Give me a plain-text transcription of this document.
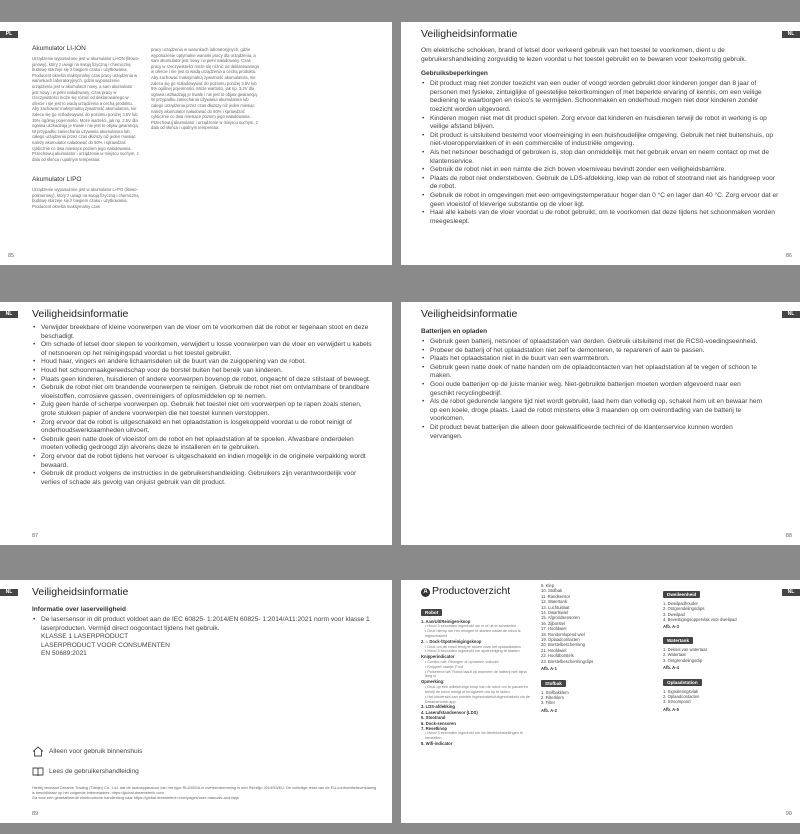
PL
Akumulator LI-ION
Urządzenie wyposażone jest w akumulator Li-ION (litowo-jonowy), który z uwagi na swoją fizyczną i chemiczną budowę starzeje się z biegiem czasu i użytkowania. Producent określa maksymalny czas pracy urządzenia w warunkach laboratoryjnych, gdzie wyposażenie urządzenia jest w akumulator nowy, a sam akumulator jest nowy i w pełni naładowany. Czas pracy w rzeczywistości może się różnić od deklarowanego w ofercie i nie jest to wadą urządzenia a cechą produktu. Aby zachować maksymalną żywotność akumulatora, nie zaleca się go rozładowywać do poziomu poniżej 3,5V lub 15% ogólnej pojemności. Może wartości, jak np. 2,5V dla ogniwa uszkadzają je trwale i nie jest to objaw gwarancją. W przypadku zaniechania używania akumulatora lub całego urządzenia przez czas dłuższy niż jeden miesiąc należy akumulator naładować do 50% i sprawdzać cyklicznie co dwa miesiące poziom jego naładowania. Przechowuj akumulator i urządzenie w miejscu suchym, z dala od słońca i upalnym temperatur.
Akumulator LIPO
Urządzenie wyposażone jest w akumulator Li-PO (litowo-polimerowy), który z uwagi na swoją fizyczną i chemiczną budowę starzeje się z biegiem czasu i użytkowania. Producent określa maksymalny czas
pracy urządzenia w warunkach laboratoryjnych, gdzie wyposażenie optymalne warunki pracy dla urządzenia, a sam akumulator jest nowy i w pełni naładowany. Czas pracy w rzeczywistości może się różnić od deklarowanego w ofercie i nie jest to wadą urządzenia a cechą produktu. Aby zachować maksymalną żywotność akumulatora, nie zaleca się go rozładowywać do poziomu poniżej 3,5V lub 5% ogólnej pojemności. Może wartości, jak np. 3,2V dla ogniwa uszkadzają je trwale i nie jest to objaw gwarancją. W przypadku zaniechania używania akumulatora lub całego urządzenia przez czas dłuższy niż jeden miesiąc należy akumulator naładować do 50% i sprawdzać cyklicznie co dwa miesiące poziom jego naładowania. Przechowuj akumulator i urządzenie w miejscu suchym, z dala od słońca i upalnym temperatur.
85
NL
Veiligheidsinformatie
Om elektrische schokken, brand of letsel door verkeerd gebruik van het toestel te voorkomen, dient u de gebruikershandleiding zorgvuldig te lezen voordat u het toestel gebruikt en te bewaren voor toekomstig gebruik.
Gebruiksbeperkingen
• Dit product mag niet zonder toezicht van een ouder of voogd worden gebruikt door kinderen jonger dan 8 jaar of personen met fysieke, zintuiglijke of geestelijke tekortkomingen of met beperkte ervaring of kennis, om een veilige bediening te waarborgen en risico's te vermijden. Schoonmaken en onderhoud mogen niet door kinderen zonder toezicht worden uitgevoerd.
• Kinderen mogen niet met dit product spelen. Zorg ervoor dat kinderen en huisdieren terwijl de robot in werking is op veilige afstand blijven.
• Dit product is uitsluitend bestemd voor vloerreiniging in een huishoudelijke omgeving. Gebruik het niet buitenshuis, op niet-vloeroppervlakken of in een commerciële of industriële omgeving.
• Als het netsnoer beschadigd of gebroken is, stop dan onmiddellijk met het gebruik ervan en neem contact op met de klantenservice.
• Gebruik de robot niet in een ruimte die zich boven vloerniveau bevindt zonder een veiligheidsbarrière.
• Plaats de robot niet ondersteboven. Gebruik de LDS-afdekking, klep van de robot of stootrand niet als handgreep voor de robot.
• Gebruik de robot in omgevingen met een omgevingstemperatuur hoger dan 0 °C en lager dan 40 °C. Zorg ervoor dat er geen vloeistof of kleverige substantie op de vloer ligt.
• Haal alle kabels van de vloer voordat u de robot gebruikt, om te voorkomen dat deze tijdens het schoonmaken worden meegesleept.
86
NL	Veiligheidsinformatie
• Verwijder breekbare of kleine voorwerpen van de vloer om te voorkomen dat de robot er tegenaan stoot en deze beschadigt.
• Om schade of letsel door slepen te voorkomen, verwijdert u losse voorwerpen van de vloer en verwijdert u kabels of netsnoeren op het reinigingspad voordat u het toestel gebruikt.
• Houd haar, vingers en andere lichaamsdelen uit de buurt van de zuigopening van de robot.
• Houd het schoonmaakgereedschap voor de borstel buiten het bereik van kinderen.
• Plaats geen kinderen, huisdieren of andere voorwerpen bovenop de robot, ongeacht of deze stilstaat of beweegt.
• Gebruik de robot niet om brandende voorwerpen te reinigen. Gebruik de robot niet om ontvlambare of brandbare vloeistoffen, corrosieve gassen, ovenreinigers of oplosmiddelen op te nemen.
• Zuig geen harde of scherpe voorwerpen op. Gebruik het toestel niet om voorwerpen op te rapen zoals stenen, grote stukken papier of andere voorwerpen die het toestel kunnen verstoppen.
• Zorg ervoor dat de robot is uitgeschakeld en het oplaadstation is losgekoppeld voordat u de robot reinigt of onderhoudswerkzaamheden uitvoert.
• Gebruik geen natte doek of vloeistof om de robot en het oplaadstation af te spoelen. Afwasbare onderdelen moeten volledig gedroogd zijn alvorens deze te installeren en te gebruiken.
• Zorg ervoor dat de robot tijdens het vervoer is uitgeschakeld en indien mogelijk in de originele verpakking wordt bewaard.
• Gebruik dit product volgens de instructies in de gebruikershandleiding. Gebruikers zijn verantwoordelijk voor verlies of schade als gevolg van onjuist gebruik van dit product.
87
NL
Veiligheidsinformatie
Batterijen en opladen
• Gebruik geen batterij, netsnoer of oplaadstation van derden. Gebruik uitsluitend met de RCS0-voedingseenheid.
• Probeer de batterij of het oplaadstation niet zelf te demonteren, te repareren of aan te passen.
• Plaats het oplaadstation niet in de buurt van een warmtebron.
• Gebruik geen natte doek of natte handen om de oplaadcontacten van het oplaadstation af te vegen of schoon te maken.
• Gooi oude batterijen op de juiste manier weg. Niet-gebruikte batterijen moeten worden afgevoerd naar een geschikt recyclingbedrijf.
• Als de robot gedurende langere tijd niet wordt gebruikt, laad hem dan volledig op, schakel hem uit en bewaar hem op een koele, droge plaats. Laad de robot minstens elke 3 maanden op om overontlading van de batterij te voorkomen.
• Dit product bevat batterijen die alleen door gekwalificeerde technici of de klantenservice kunnen worden vervangen.
88
NL	Veiligheidsinformatie
Informatie over laserveiligheid
• De lasersensor in dit product voldoet aan de IEC 60825- 1:2014/EN 60825- 1:2014/A11:2021 norm voor klasse 1 laserproducten. Vermijd direct oogcontact tijdens het gebruik.
KLASSE 1 LASERPRODUCT
LASERPRODUCT VOOR CONSUMENTEN
EN 50689:2021
Alleen voor gebruik binnenshuis
Lees de gebruikershandleiding
Hierbij verklaart Dreame Trading (Tianjin) Co., Ltd. dat de radioapparatuur van het type RLD55GA in overeenstemming is met Richtlijn 2014/53/EU. De volledige tekst van de EU-conformiteitsverklaring is beschikbaar op het volgende internetadres: https://global.dreametech.com
Ga voor een gedetailleerde elektronische handleiding naar https://global.dreametech.com/pages/user-manuals-and-faqs
89
NL
A Productoverzicht
Robot
1. Aan/Uit/Reinigen-knop
• Houd 3 seconden ingedrukt om in of uit te schakelen
• Druk hierop om het reinigen te starten nadat de robot is ingeschakeld
2. ⌂ Dock-/Spotreinigingsknop
• Druk om de robot terug te sturen naar het oplaadstation
• Houd 3 seconden ingedrukt om spotreiniging te starten
Knipperindicator
• Continu wit: Reinigen of opnamen voltooid
• Knippert oranje: Fout
• Pulserend wit: Robot laadt op wanneer de batterij niet bijna leeg is
Opmerking:
• Druk op een willekeurige knop van de robot om te pauzeren terwijl de robot reinigt of terugkeert om op te laden.
• Het kinderslot kan worden ingeschakeld/uitgeschakeld via de Dreamehome-app.
3. LDS-afdekking
4. Laserafstandsensor (LDS)
5. Stootrand
6. Dock-sensoren
7. Resetknop
• Houd 3 seconden ingedrukt om de fabrieksinstellingen te herstellen
8. Wifi-indicator
9. Klep
10. Stofbak
11. Randsensor
12. Watertank
13. Luchtuitlaat
14. Dwarlswiel
15. Afgrondsensoren
16. Zijborstel
17. Hoofdwiel
18. Rondomlopend wiel
19. Oplaadcontacten
20. Borstelbescherming
21. Hoofdwiel
22. Hoofdborstels
23. Borstelbeschermingclips
Afb. A-1
Stofbak
1. Stofbakklem
2. Filterklem
3. Filter
Afb. A-2
Dweileenheid
1. Dweilpadhouder
2. Ontgrendelingsclips
3. Dweilpad
4. Bevestigingsoppervlak voor dweilpad
Afb. A-3
Watertank
1. Deksel van watertaat
2. Watertaat
3. Ontgrendelingsclip
Afb. A-4
Oplaadstation
1. Signaleringsvlak
2. Oplaadcontacten
3. Stroompoort
Afb. A-5
90
